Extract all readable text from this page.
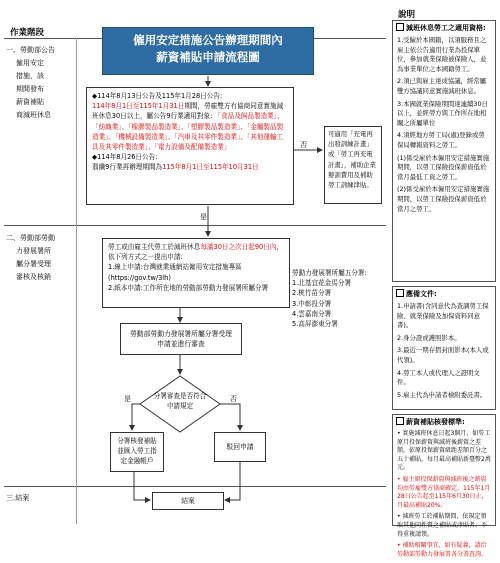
作業階段
說明
一、勞動部公告
僱用安定
措施，該
期間發布
薪資補貼
商減班休息
二、勞動部勞動
力發展署所
屬分署受理
審核及核銷
三.結案
僱用安定措施公告辦理期間內
薪資補貼申請流程圖
◆114年8月13日公告及115年1月28日公告:
114年8月1日至115年1月31日期間，勞雇雙方有協商同意實施減班休息30日以上，屬公告9行業適用對象: 「食品及飼品製造業」、「紡織業」、「橡膠製品製造業」、「塑膠製品製造業」、「金屬製品製造業」、「機械設備製造業」、「汽車及其零件製造業」、「其他運輸工具及其零件製造業」、「電力設備及配備製造業」
◆114年8月26日公告:
翡纖9行業再辦理期間為115年8月1日至115年10月31日
是
否
可適用「充電再出發訓練計畫」或「勞工再充電計畫」，補助企業辦訓費用及補助勞工訓練津貼。
勞工或由雇主代勞工於減班休息每滿30日之次日起90日內，依下列方式之一提出申請:
1.線上申請:台灣就業通網站僱用安定措施專區(https://gov.tw/3lh)
2.紙本申請:工作所在地的勞動部勞動力發展署所屬分署
勞動力發展署所屬五分署:
1.北基宜花金馬分署
2.桃竹苗分署
3.中彰投分署
4.雲嘉南分署
5.高屏澎東分署
勞動部勞動力發展署所屬分署受理申請並進行審查
分署審查是否符合申請規定
是	否
分署核發補貼並匯入勞工指定金融帳戶
駁回申請
結案
減班休息勞工之適用資格:

1.受僱於本國籍，以須服務且之雇主依公告適用行業為投保單位，參加就業保險被保險人，並為事業單位之本國籍勞工。

2.須已與雇主達成協議，經常屬雙方協議同意實施減班休息。

3.本國就業保險期間達連續30日以上，並經勞方與工作所在地相關之所屬單位

4.須經地方勞工局(處)登錄或勞保局轉報資料之勞工。

(1)係受雇於本僱用安定措施實施期間，以勞工保險投保薪資低於當月最低工資之勞工。

(2)係受雇於本僱用安定措施實施期間，以勞工保險投保薪資低於當月之勞工。

應備文件:

1.申請書(含同意代為查調勞工保險、就業保險及加保資料同意書)。

2.身分證或護照影本。

3.最近一期存摺封面影本(本人或代領)。

4.勞工本人或代理人之證明文件。

5.雇主代為申請者檢附委託書。

薪資補貼核發標準:

• 實施減班休息日起3個月，如勞工原月投保薪資與減班後薪資之差額，依原投保薪資級距差額百分之五十補貼，每月最高補貼新臺幣2萬元。

• 雇主原投保薪資與減班後之薪資均由勞雇雙方協商確定，115年1月28日公告起至115年6月30日止，月最高補貼20%。

• 減班勞工於補貼期間，依規定領取其他同性質之補貼或津貼者，不得重複請領。

• 補助相關事宜，如有疑義，請洽勞動部勞動力發展署各分署查詢。
